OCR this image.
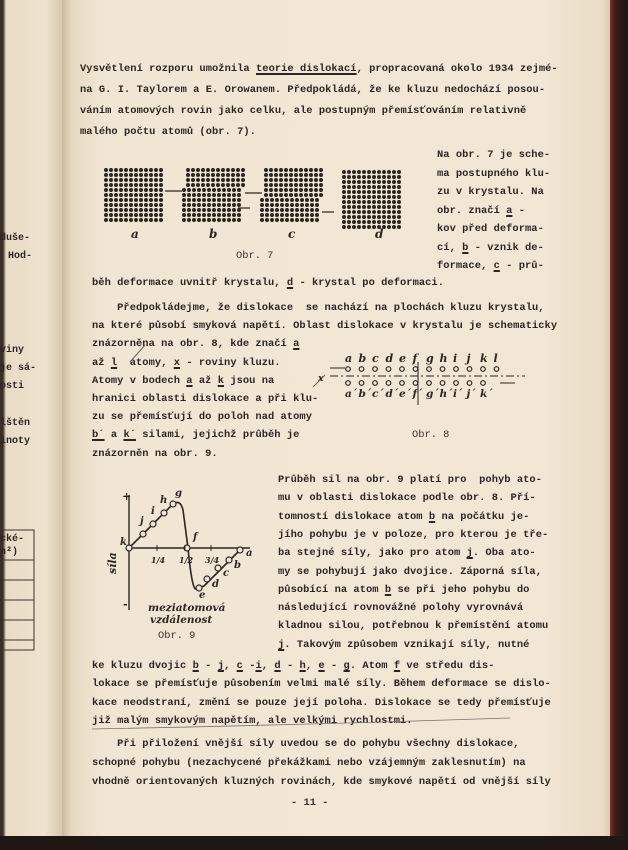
duše-
Hod-
viny
je sá-
osti
lštěn
inoty
cké-
n²)
Vysvětlení rozporu umožnila teorie dislokací, propracovaná okolo 1934 zejmé-
na G. I. Taylorem a E. Orowanem. Předpokládá, že ke kluzu nedochází posou-
váním atomových rovin jako celku, ale postupným přemísťováním relativně
malého počtu atomů (obr. 7).
Na obr. 7 je sche-
ma postupného klu-
zu v krystalu. Na
obr. značí a -
kov před deforma-
cí, b - vznik de-
formace, c - prů-
běh deformace uvnitř krystalu, d - krystal po deformaci.
Předpokládejme, že dislokace  se nachází na plochách kluzu krystalu,
na které působí smyková napětí. Oblast dislokace v krystalu je schematicky
znázorněna na obr. 8, kde značí a
až l  atomy, x - roviny kluzu.
Atomy v bodech a až k jsou na
hranici oblasti dislokace a při klu-
zu se přemísťují do poloh nad atomy
b´ a k´ silami, jejichž průběh je
znázorněn na obr. 9.
Průběh sil na obr. 9 platí pro  pohyb ato-
mu v oblasti dislokace podle obr. 8. Pří-
tomností dislokace atom b na počátku je-
jího pohybu je v poloze, pro kterou je tře-
ba stejné síly, jako pro atom j. Oba ato-
my se pohybují jako dvojice. Záporná síla,
působící na atom b se při jeho pohybu do
následující rovnovážné polohy vyrovnává
kladnou silou, potřebnou k přemístění atomu
j. Takovým způsobem vznikají síly, nutné
ke kluzu dvojic b - j, c -i, d - h, e - g. Atom f ve středu dis-
lokace se přemísťuje působením velmi malé síly. Během deformace se dislo-
kace neodstraní, změní se pouze její poloha. Dislokace se tedy přemísťuje
již malým smykovým napětím, ale velkými rychlostmi.
Při přiložení vnější síly uvedou se do pohybu všechny dislokace,
schopné pohybu (nezachycené překážkami nebo vzájemným zaklesnutím) na
vhodně orientovaných kluzných rovinách, kde smykové napětí od vnější síly
a	b	c	d
a b c d e f g h i j k l
a´ b´ c´ d´ e´ f´ g´ h´ i´ j´ k´
x
+
-
k
j
i
h
g
f
e
d
c
b
a
1/4 1/2 3/4
síla
meziatomová
vzdálenost
Obr. 7
Obr. 8
Obr. 9
- 11 -
